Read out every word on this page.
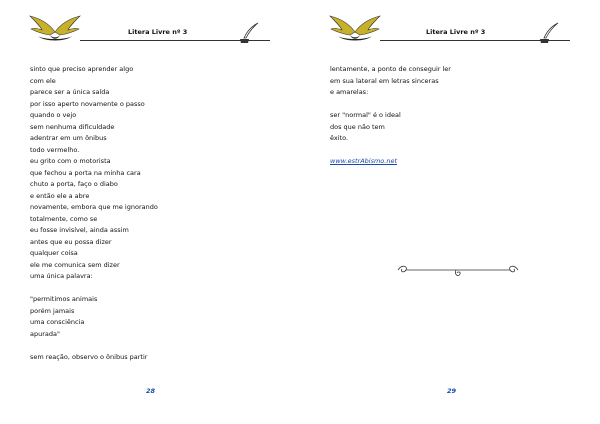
Litera Livre nº 3
sinto que preciso aprender algo
com ele
parece ser a única saída
por isso aperto novamente o passo
quando o vejo
sem nenhuma dificuldade
adentrar em um ônibus
todo vermelho.
eu grito com o motorista
que fechou a porta na minha cara
chuto a porta, faço o diabo
e então ele a abre
novamente, embora que me ignorando
totalmente, como se
eu fosse invisível, ainda assim
antes que eu possa dizer
qualquer coisa
ele me comunica sem dizer
uma única palavra:
"permitimos animais
porém jamais
uma consciência
apurada"
sem reação, observo o ônibus partir
28
Litera Livre nº 3
lentamente, a ponto de conseguir ler
em sua lateral em letras sinceras
e amarelas:
ser "normal" é o ideal
dos que não tem
êxito.
www.estrAbismo.net
29
